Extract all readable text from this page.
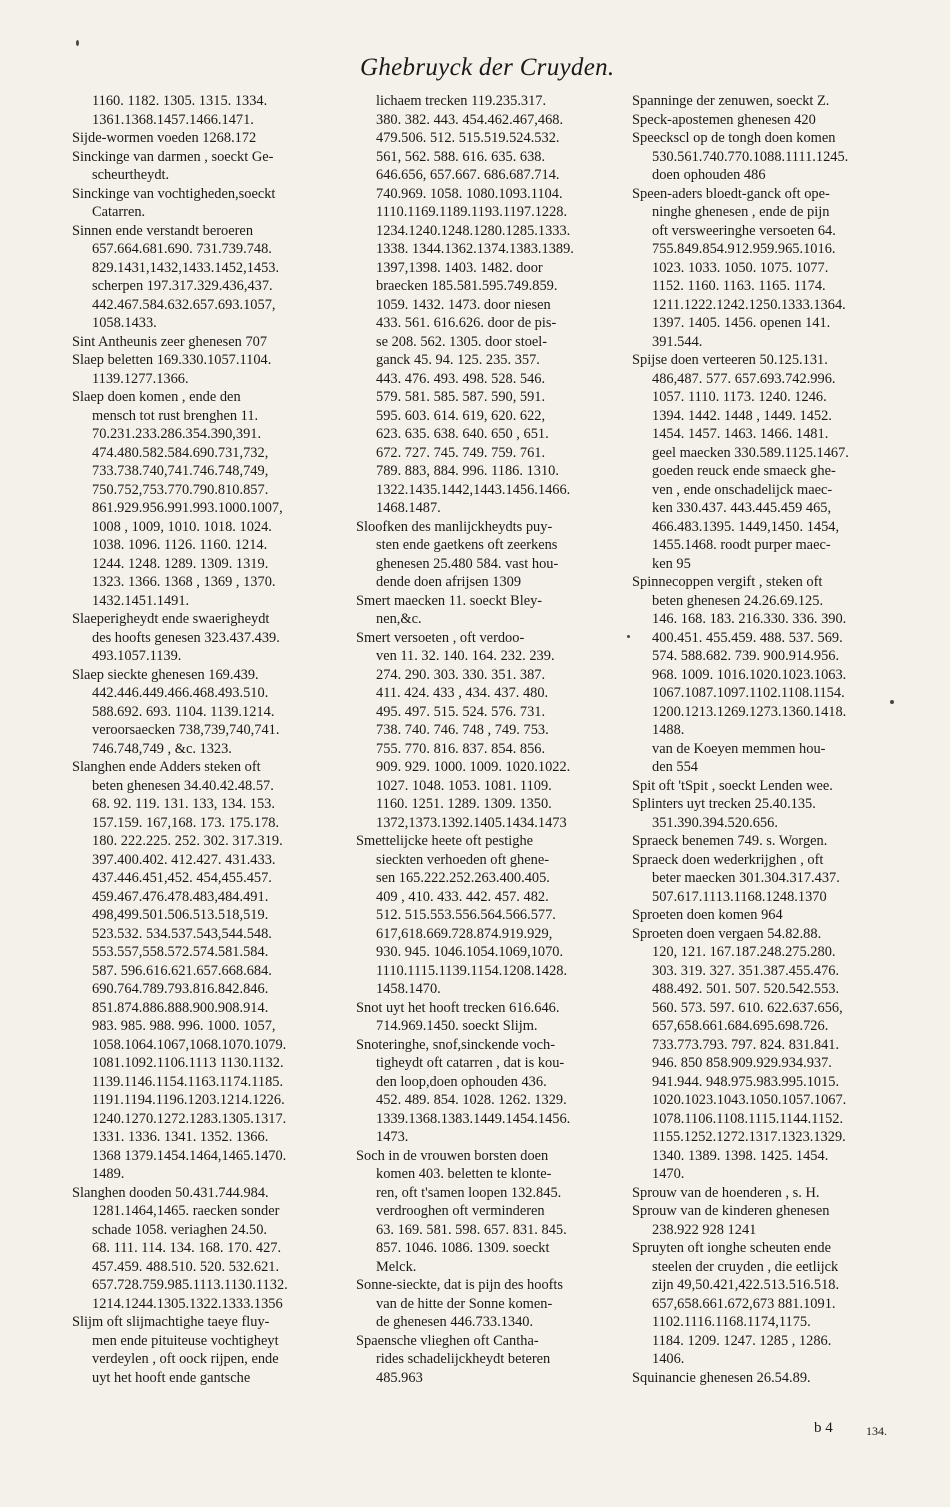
Ghebruyck der Cruyden.
1160. 1182. 1305. 1315. 1334.
1361.1368.1457.1466.1471.
Sijde-wormen voeden 1268.172
Sinckinge van darmen , soeckt Ge-
scheurtheydt.
Sinckinge van vochtigheden,soeckt
Catarren.
Sinnen ende verstandt beroeren
657.664.681.690. 731.739.748.
829.1431,1432,1433.1452,1453.
scherpen 197.317.329.436,437.
442.467.584.632.657.693.1057,
1058.1433.
Sint Antheunis zeer ghenesen 707
Slaep beletten 169.330.1057.1104.
1139.1277.1366.
Slaep doen komen , ende den
mensch tot rust brenghen 11.
70.231.233.286.354.390,391.
474.480.582.584.690.731,732,
733.738.740,741.746.748,749,
750.752,753.770.790.810.857.
861.929.956.991.993.1000.1007,
1008 , 1009, 1010. 1018. 1024.
1038. 1096. 1126. 1160. 1214.
1244. 1248. 1289. 1309. 1319.
1323. 1366. 1368 , 1369 , 1370.
1432.1451.1491.
Slaeperigheydt ende swaerigheydt
des hoofts genesen 323.437.439.
493.1057.1139.
Slaep sieckte ghenesen 169.439.
442.446.449.466.468.493.510.
588.692. 693. 1104. 1139.1214.
veroorsaecken 738,739,740,741.
746.748,749 , &c. 1323.
Slanghen ende Adders steken oft
beten ghenesen 34.40.42.48.57.
68. 92. 119. 131. 133, 134. 153.
157.159. 167,168. 173. 175.178.
180. 222.225. 252. 302. 317.319.
397.400.402. 412.427. 431.433.
437.446.451,452. 454,455.457.
459.467.476.478.483,484.491.
498,499.501.506.513.518,519.
523.532. 534.537.543,544.548.
553.557,558.572.574.581.584.
587. 596.616.621.657.668.684.
690.764.789.793.816.842.846.
851.874.886.888.900.908.914.
983. 985. 988. 996. 1000. 1057,
1058.1064.1067,1068.1070.1079.
1081.1092.1106.1113 1130.1132.
1139.1146.1154.1163.1174.1185.
1191.1194.1196.1203.1214.1226.
1240.1270.1272.1283.1305.1317.
1331. 1336. 1341. 1352. 1366.
1368 1379.1454.1464,1465.1470.
1489.
Slanghen dooden 50.431.744.984.
1281.1464,1465. raecken sonder
schade 1058. veriaghen 24.50.
68. 111. 114. 134. 168. 170. 427.
457.459. 488.510. 520. 532.621.
657.728.759.985.1113.1130.1132.
1214.1244.1305.1322.1333.1356
Slijm oft slijmachtighe taeye fluy-
men ende pituiteuse vochtigheyt
verdeylen , oft oock rijpen, ende
uyt het hooft ende gantsche
lichaem trecken 119.235.317.
380. 382. 443. 454.462.467,468.
479.506. 512. 515.519.524.532.
561, 562. 588. 616. 635. 638.
646.656, 657.667. 686.687.714.
740.969. 1058. 1080.1093.1104.
1110.1169.1189.1193.1197.1228.
1234.1240.1248.1280.1285.1333.
1338. 1344.1362.1374.1383.1389.
1397,1398. 1403. 1482. door
braecken 185.581.595.749.859.
1059. 1432. 1473. door niesen
433. 561. 616.626. door de pis-
se 208. 562. 1305. door stoel-
ganck 45. 94. 125. 235. 357.
443. 476. 493. 498. 528. 546.
579. 581. 585. 587. 590, 591.
595. 603. 614. 619, 620. 622,
623. 635. 638. 640. 650 , 651.
672. 727. 745. 749. 759. 761.
789. 883, 884. 996. 1186. 1310.
1322.1435.1442,1443.1456.1466.
1468.1487.
Sloofken des manlijckheydts puy-
sten ende gaetkens oft zeerkens
ghenesen 25.480 584. vast hou-
dende doen afrijsen 1309
Smert maecken 11. soeckt Bley-
nen,&c.
Smert versoeten , oft verdoo-
ven 11. 32. 140. 164. 232. 239.
274. 290. 303. 330. 351. 387.
411. 424. 433 , 434. 437. 480.
495. 497. 515. 524. 576. 731.
738. 740. 746. 748 , 749. 753.
755. 770. 816. 837. 854. 856.
909. 929. 1000. 1009. 1020.1022.
1027. 1048. 1053. 1081. 1109.
1160. 1251. 1289. 1309. 1350.
1372,1373.1392.1405.1434.1473
Smettelijcke heete oft pestighe
sieckten verhoeden oft ghene-
sen 165.222.252.263.400.405.
409 , 410. 433. 442. 457. 482.
512. 515.553.556.564.566.577.
617,618.669.728.874.919.929,
930. 945. 1046.1054.1069,1070.
1110.1115.1139.1154.1208.1428.
1458.1470.
Snot uyt het hooft trecken 616.646.
714.969.1450. soeckt Slijm.
Snoteringhe, snof,sinckende voch-
tigheydt oft catarren , dat is kou-
den loop,doen ophouden 436.
452. 489. 854. 1028. 1262. 1329.
1339.1368.1383.1449.1454.1456.
1473.
Soch in de vrouwen borsten doen
komen 403. beletten te klonte-
ren, oft t'samen loopen 132.845.
verdrooghen oft verminderen
63. 169. 581. 598. 657. 831. 845.
857. 1046. 1086. 1309. soeckt
Melck.
Sonne-sieckte, dat is pijn des hoofts
van de hitte der Sonne komen-
de ghenesen 446.733.1340.
Spaensche vlieghen oft Cantha-
rides schadelijckheydt beteren
485.963
Spanninge der zenuwen, soeckt Z.
Speck-apostemen ghenesen 420
Speeckscl op de tongh doen komen
530.561.740.770.1088.1111.1245.
doen ophouden 486
Speen-aders bloedt-ganck oft ope-
ninghe ghenesen , ende de pijn
oft verswееringhe versoeten 64.
755.849.854.912.959.965.1016.
1023. 1033. 1050. 1075. 1077.
1152. 1160. 1163. 1165. 1174.
1211.1222.1242.1250.1333.1364.
1397. 1405. 1456. openen 141.
391.544.
Spijse doen verteeren 50.125.131.
486,487. 577. 657.693.742.996.
1057. 1110. 1173. 1240. 1246.
1394. 1442. 1448 , 1449. 1452.
1454. 1457. 1463. 1466. 1481.
geel maecken 330.589.1125.1467.
goeden reuck ende smaeck ghe-
ven , ende onschadelijck maec-
ken 330.437. 443.445.459 465,
466.483.1395. 1449,1450. 1454,
1455.1468. roodt purper maec-
ken 95
Spinnecoppen vergift , steken oft
beten ghenesen 24.26.69.125.
146. 168. 183. 216.330. 336. 390.
400.451. 455.459. 488. 537. 569.
574. 588.682. 739. 900.914.956.
968. 1009. 1016.1020.1023.1063.
1067.1087.1097.1102.1108.1154.
1200.1213.1269.1273.1360.1418.
1488.
van de Koeyen memmen hou-
den 554
Spit oft 'tSpit , soeckt Lenden wee.
Splinters uyt trecken 25.40.135.
351.390.394.520.656.
Spraeck benemen 749. s. Worgen.
Spraeck doen wederkrijghen , oft
beter maecken 301.304.317.437.
507.617.1113.1168.1248.1370
Sproeten doen komen 964
Sproeten doen vergaen 54.82.88.
120, 121. 167.187.248.275.280.
303. 319. 327. 351.387.455.476.
488.492. 501. 507. 520.542.553.
560. 573. 597. 610. 622.637.656,
657,658.661.684.695.698.726.
733.773.793. 797. 824. 831.841.
946. 850 858.909.929.934.937.
941.944. 948.975.983.995.1015.
1020.1023.1043.1050.1057.1067.
1078.1106.1108.1115.1144.1152.
1155.1252.1272.1317.1323.1329.
1340. 1389. 1398. 1425. 1454.
1470.
Sprouw van de hoenderen , s. H.
Sprouw van de kinderen ghenesen
238.922 928 1241
Spruyten oft ionghe scheuten ende
steelen der cruyden , die eetlijck
zijn 49,50.421,422.513.516.518.
657,658.661.672,673 881.1091.
1102.1116.1168.1174,1175.
1184. 1209. 1247. 1285 , 1286.
1406.
Squinancie ghenesen 26.54.89.
b 4	134.
